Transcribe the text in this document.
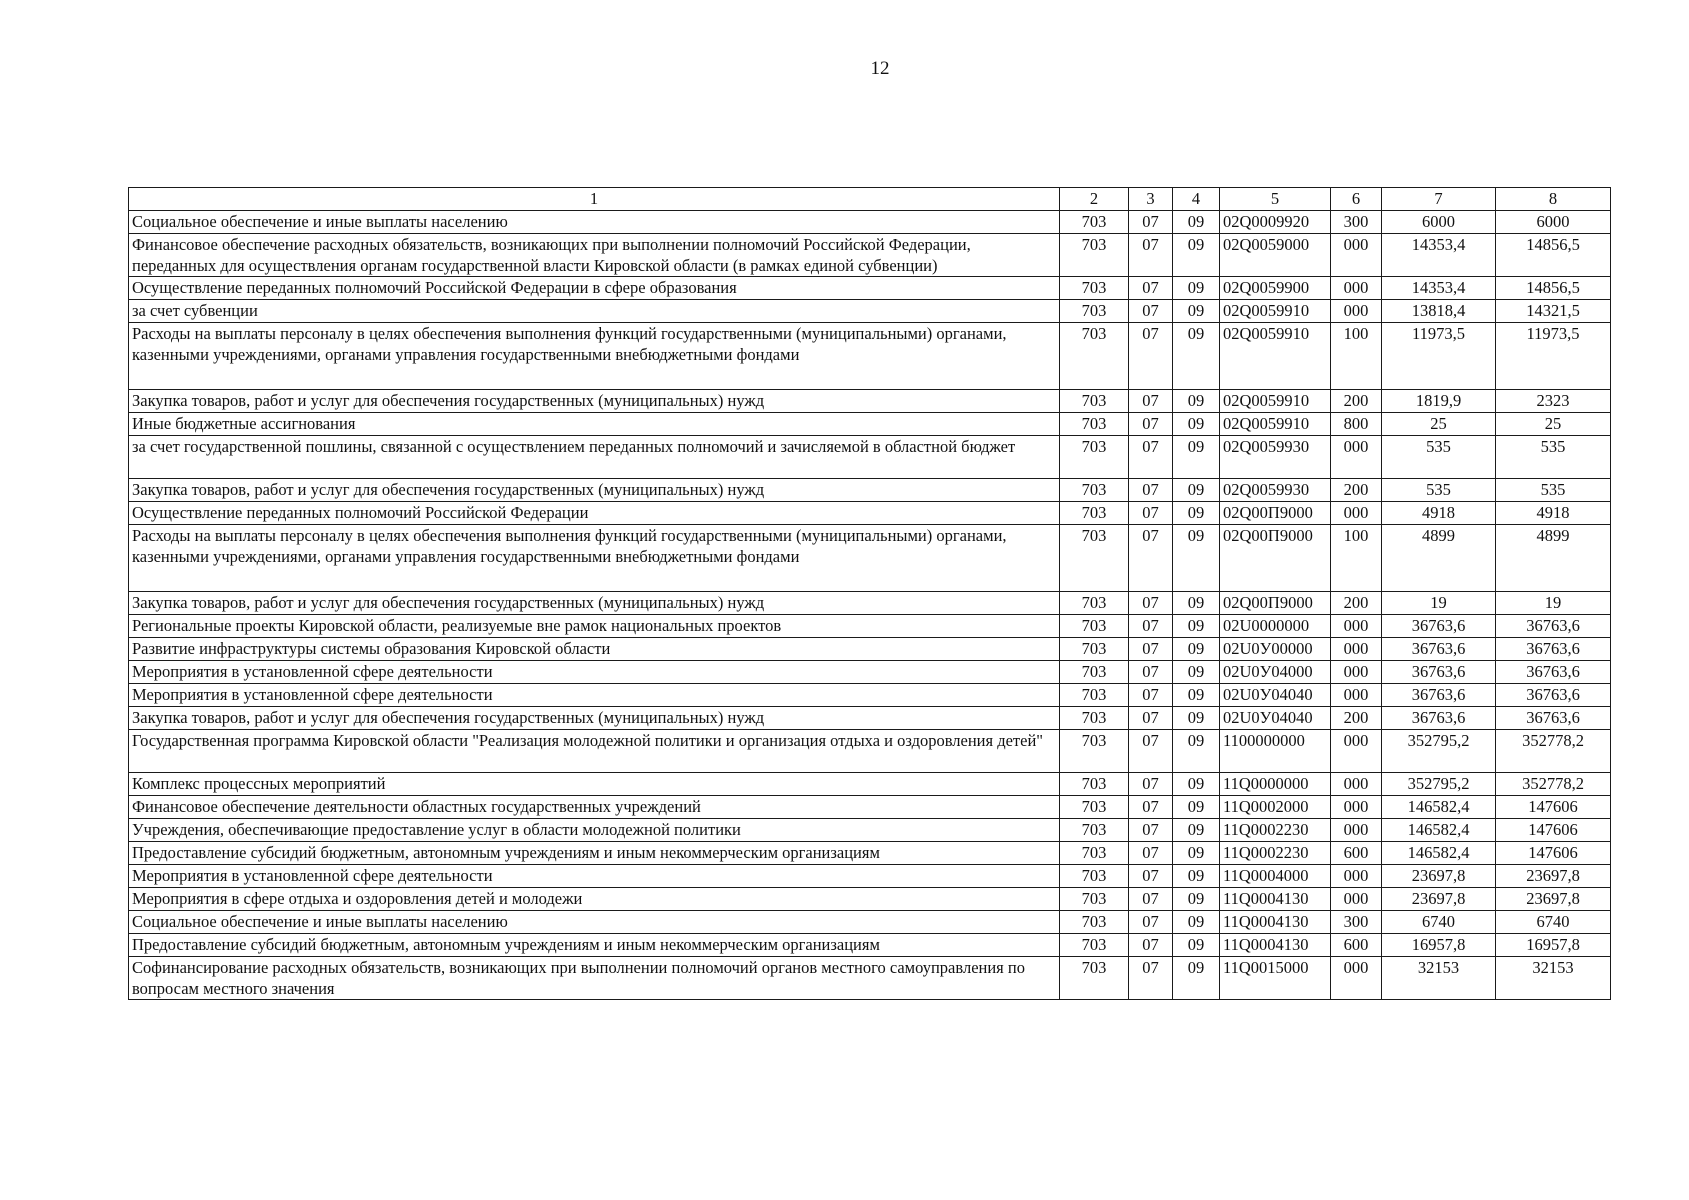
12
1	2	3	4	5	6	7	8
Социальное обеспечение и иные выплаты населению	703	07	09	02Q0009920	300	6000	6000
Финансовое обеспечение расходных обязательств, возникающих при выполнении полномочий Российской Федерации, переданных для осуществления органам государственной власти Кировской области (в рамках единой субвенции)	703	07	09	02Q0059000	000	14353,4	14856,5
Осуществление переданных полномочий Российской Федерации в сфере образования	703	07	09	02Q0059900	000	14353,4	14856,5
за счет субвенции	703	07	09	02Q0059910	000	13818,4	14321,5
Расходы на выплаты персоналу в целях обеспечения выполнения функций государственными (муниципальными) органами, казенными учреждениями, органами управления государственными внебюджетными фондами	703	07	09	02Q0059910	100	11973,5	11973,5
Закупка товаров, работ и услуг для обеспечения государственных (муниципальных) нужд	703	07	09	02Q0059910	200	1819,9	2323
Иные бюджетные ассигнования	703	07	09	02Q0059910	800	25	25
за счет государственной пошлины, связанной с осуществлением переданных полномочий и зачисляемой в областной бюджет	703	07	09	02Q0059930	000	535	535
Закупка товаров, работ и услуг для обеспечения государственных (муниципальных) нужд	703	07	09	02Q0059930	200	535	535
Осуществление переданных полномочий Российской Федерации	703	07	09	02Q00П9000	000	4918	4918
Расходы на выплаты персоналу в целях обеспечения выполнения функций государственными (муниципальными) органами, казенными учреждениями, органами управления государственными внебюджетными фондами	703	07	09	02Q00П9000	100	4899	4899
Закупка товаров, работ и услуг для обеспечения государственных (муниципальных) нужд	703	07	09	02Q00П9000	200	19	19
Региональные проекты Кировской области, реализуемые вне рамок национальных проектов	703	07	09	02U0000000	000	36763,6	36763,6
Развитие инфраструктуры системы образования Кировской области	703	07	09	02U0У00000	000	36763,6	36763,6
Мероприятия в установленной сфере деятельности	703	07	09	02U0У04000	000	36763,6	36763,6
Мероприятия в установленной сфере деятельности	703	07	09	02U0У04040	000	36763,6	36763,6
Закупка товаров, работ и услуг для обеспечения государственных (муниципальных) нужд	703	07	09	02U0У04040	200	36763,6	36763,6
Государственная программа Кировской области "Реализация молодежной политики и организация отдыха и оздоровления детей"	703	07	09	1100000000	000	352795,2	352778,2
Комплекс процессных мероприятий	703	07	09	11Q0000000	000	352795,2	352778,2
Финансовое обеспечение деятельности областных государственных учреждений	703	07	09	11Q0002000	000	146582,4	147606
Учреждения, обеспечивающие предоставление услуг в области молодежной политики	703	07	09	11Q0002230	000	146582,4	147606
Предоставление субсидий бюджетным, автономным учреждениям и иным некоммерческим организациям	703	07	09	11Q0002230	600	146582,4	147606
Мероприятия в установленной сфере деятельности	703	07	09	11Q0004000	000	23697,8	23697,8
Мероприятия в сфере отдыха и оздоровления детей и молодежи	703	07	09	11Q0004130	000	23697,8	23697,8
Социальное обеспечение и иные выплаты населению	703	07	09	11Q0004130	300	6740	6740
Предоставление субсидий бюджетным, автономным учреждениям и иным некоммерческим организациям	703	07	09	11Q0004130	600	16957,8	16957,8
Софинансирование расходных обязательств, возникающих при выполнении полномочий органов местного самоуправления по вопросам местного значения	703	07	09	11Q0015000	000	32153	32153
